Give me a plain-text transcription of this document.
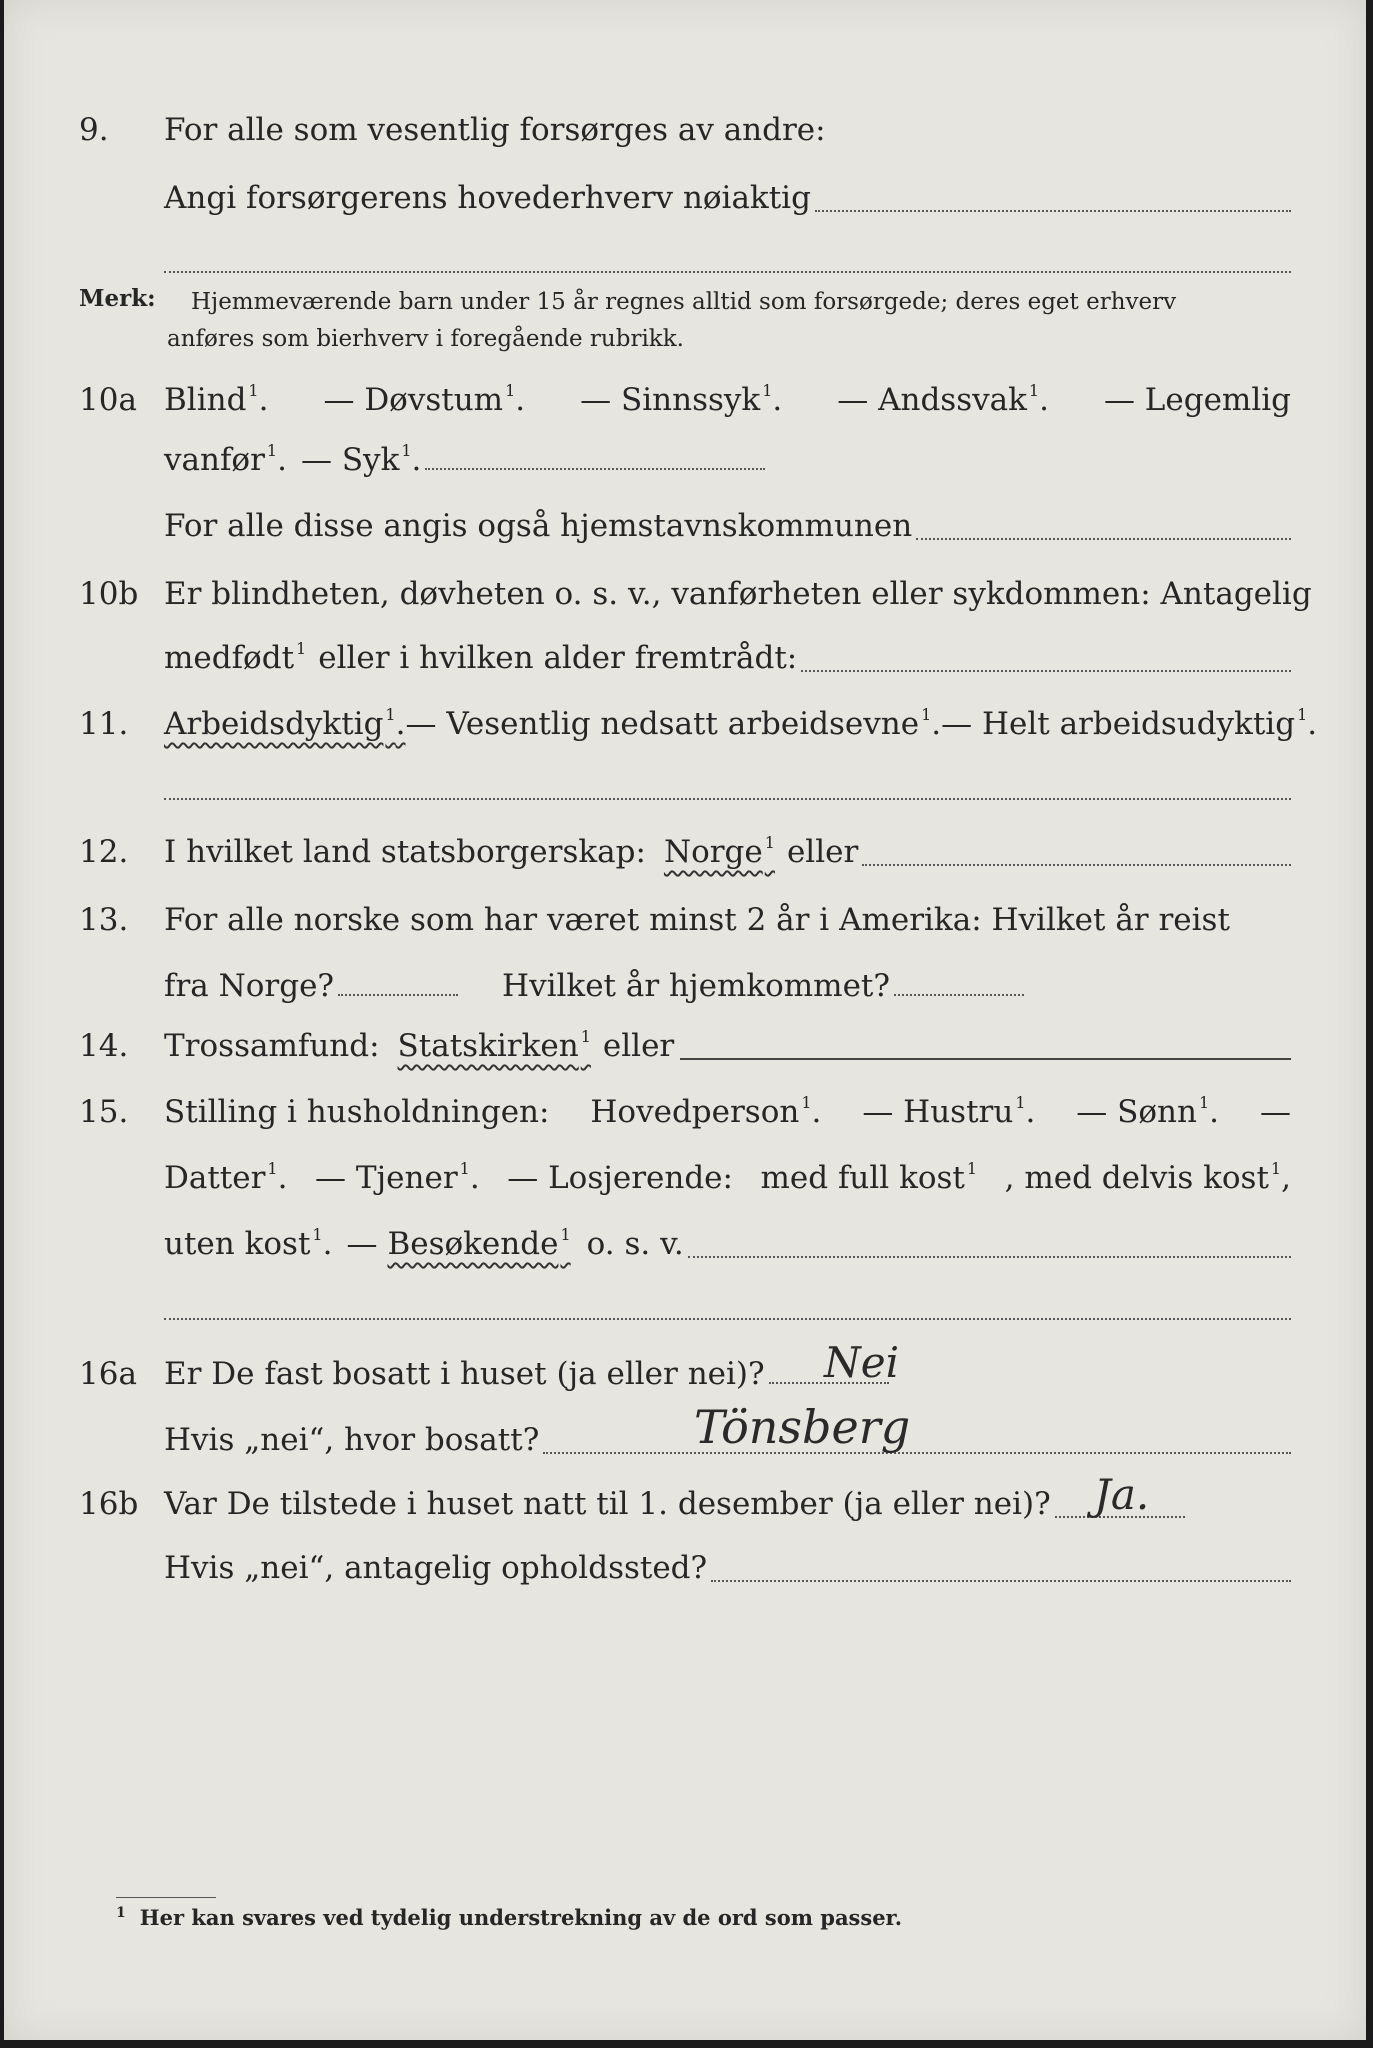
9. For alle som vesentlig forsørges av andre:
Angi forsørgerens hovederhverv nøiaktig
Merk: Hjemmeværende barn under 15 år regnes alltid som forsørgede; deres eget erhverv
anføres som bierhverv i foregående rubrikk.
10a Blind $^1$. — Døvstum $^1$. — Sinnssyk $^1$. — Andssvak $^1$. — Legemlig
vanfør $^1$. — Syk $^1$.
For alle disse angis også hjemstavnskommunen
10b Er blindheten, døvheten o. s. v., vanførheten eller sykdommen: Antagelig
medfødt $^1$ eller i hvilken alder fremtrådt:
11. Arbeidsdyktig $^1$. — Vesentlig nedsatt arbeidsevne $^1$. — Helt arbeidsudyktig $^1$.
12. I hvilket land statsborgerskap: Norge $^1$ eller
13. For alle norske som har været minst 2 år i Amerika: Hvilket år reist
fra Norge?	Hvilket år hjemkommet?
14. Trossamfund: Statskirken $^1$ eller
15. Stilling i husholdningen: Hovedperson $^1$. — Hustru $^1$. — Sønn $^1$. —
Datter $^1$. — Tjener $^1$. — Losjerende: med full kost $^1$ , med delvis kost $^1$,
uten kost $^1$. — Besøkende $^1$ o. s. v.
16a Er De fast bosatt i huset (ja eller nei)? Nei
Hvis „nei“, hvor bosatt?	Tönsberg
16b Var De tilstede i huset natt til 1. desember (ja eller nei)? Ja.
Hvis „nei“, antagelig opholdssted?
$^1$ Her kan svares ved tydelig understrekning av de ord som passer.
